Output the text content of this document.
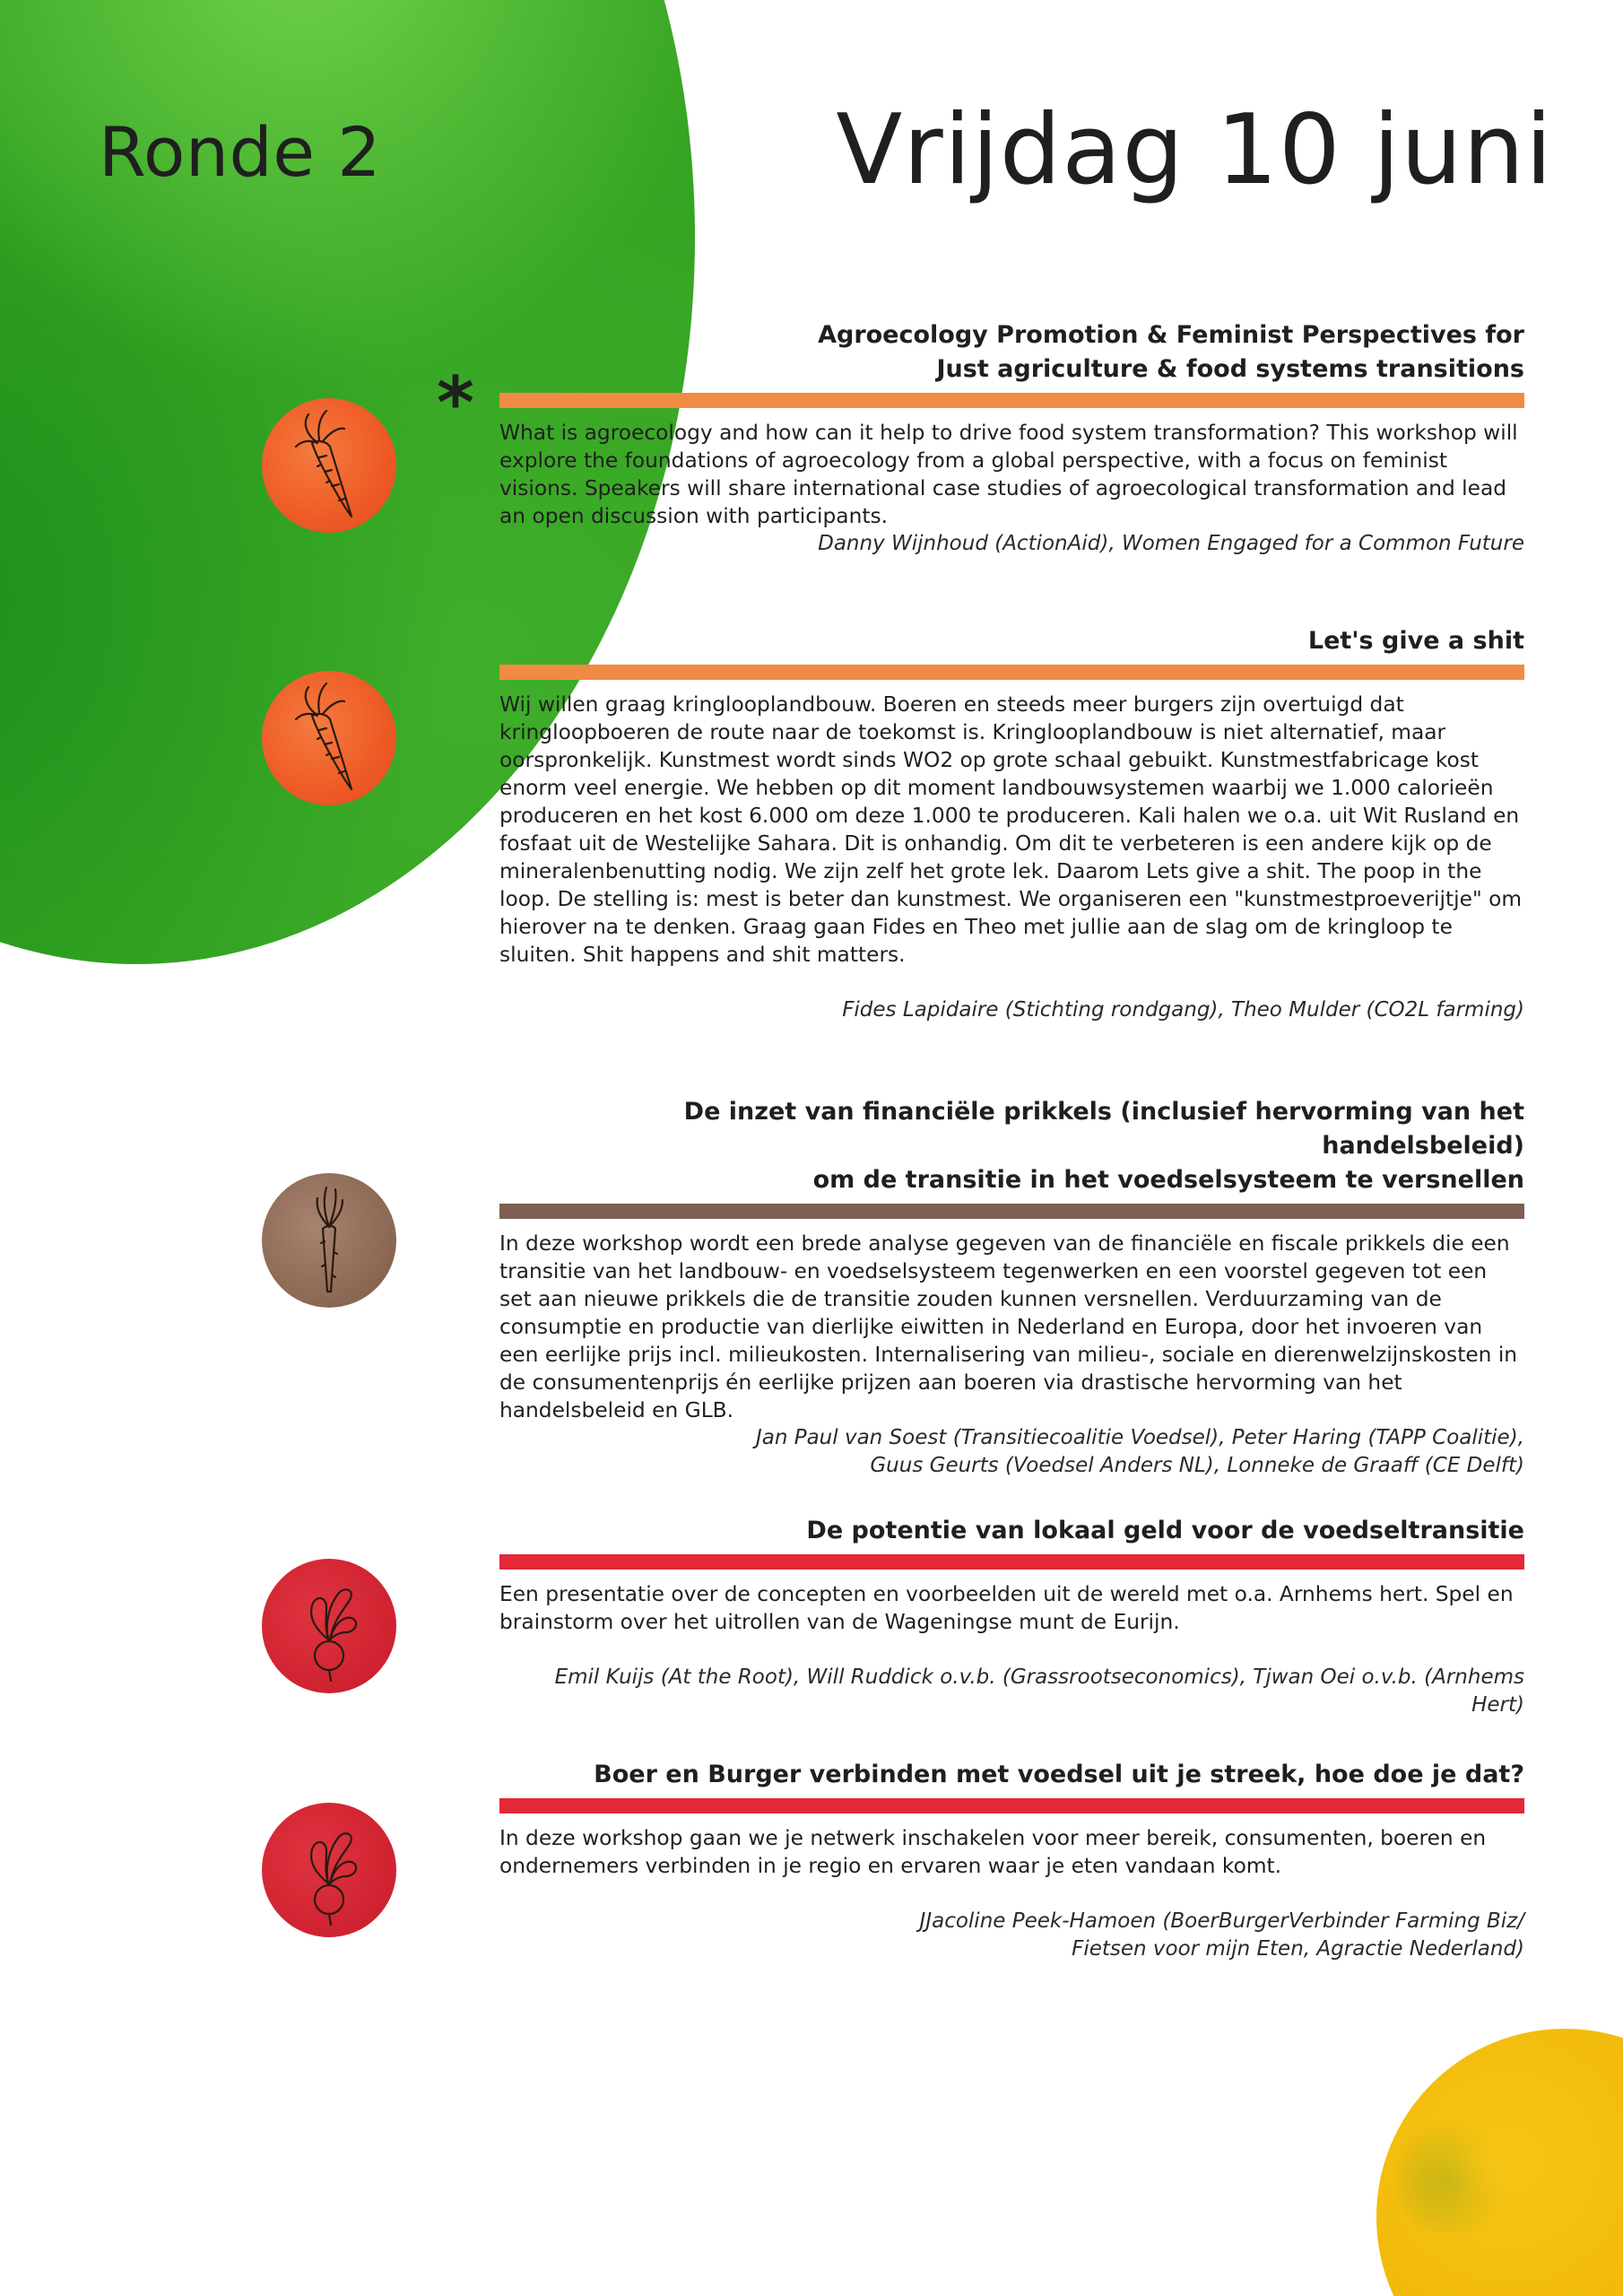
Ronde 2	Vrijdag 10 juni
*
Agroecology Promotion & Feminist Perspectives for
Just agriculture & food systems transitions
What is agroecology and how can it help to drive food system transformation? This workshop will explore the foundations of agroecology from a global perspective, with a focus on feminist visions. Speakers will share international case studies of agroecological transformation and lead an open discussion with participants.
Danny Wijnhoud (ActionAid), Women Engaged for a Common Future
Let's give a shit
Wij willen graag kringlooplandbouw. Boeren en steeds meer burgers zijn overtuigd dat kringloopboeren de route naar de toekomst is. Kringlooplandbouw is niet alternatief, maar oorspronkelijk. Kunstmest wordt sinds WO2 op grote schaal gebuikt. Kunstmestfabricage kost enorm veel energie. We hebben op dit moment landbouwsystemen waarbij we 1.000 calorieën produceren en het kost 6.000 om deze 1.000 te produceren. Kali halen we o.a. uit Wit Rusland en fosfaat uit de Westelijke Sahara. Dit is onhandig. Om dit te verbeteren is een andere kijk op de mineralenbenutting nodig. We zijn zelf het grote lek. Daarom Lets give a shit. The poop in the loop. De stelling is: mest is beter dan kunstmest. We organiseren een "kunstmestproeverijtje" om hierover na te denken. Graag gaan Fides en Theo met jullie aan de slag om de kringloop te sluiten. Shit happens and shit matters.
Fides Lapidaire (Stichting rondgang), Theo Mulder (CO2L farming)
De inzet van financiële prikkels (inclusief hervorming van het handelsbeleid)
om de transitie in het voedselsysteem te versnellen
In deze workshop wordt een brede analyse gegeven van de financiële en fiscale prikkels die een transitie van het landbouw- en voedselsysteem tegenwerken en een voorstel gegeven tot een set aan nieuwe prikkels die de transitie zouden kunnen versnellen. Verduurzaming van de consumptie en productie van dierlijke eiwitten in Nederland en Europa, door het invoeren van een eerlijke prijs incl. milieukosten. Internalisering van milieu-, sociale en dierenwelzijnskosten in de consumentenprijs én eerlijke prijzen aan boeren via drastische hervorming van het handelsbeleid en GLB.
Jan Paul van Soest (Transitiecoalitie Voedsel), Peter Haring (TAPP Coalitie),
Guus Geurts (Voedsel Anders NL), Lonneke de Graaff (CE Delft)
De potentie van lokaal geld voor de voedseltransitie
Een presentatie over de concepten en voorbeelden uit de wereld met o.a. Arnhems hert. Spel en brainstorm over het uitrollen van de Wageningse munt de Eurijn.
Emil Kuijs (At the Root), Will Ruddick o.v.b. (Grassrootseconomics), Tjwan Oei o.v.b. (Arnhems Hert)
Boer en Burger verbinden met voedsel uit je streek, hoe doe je dat?
In deze workshop gaan we je netwerk inschakelen voor meer bereik, consumenten, boeren en ondernemers verbinden in je regio en ervaren waar je eten vandaan komt.
JJacoline Peek-Hamoen (BoerBurgerVerbinder Farming Biz/
Fietsen voor mijn Eten, Agractie Nederland)
